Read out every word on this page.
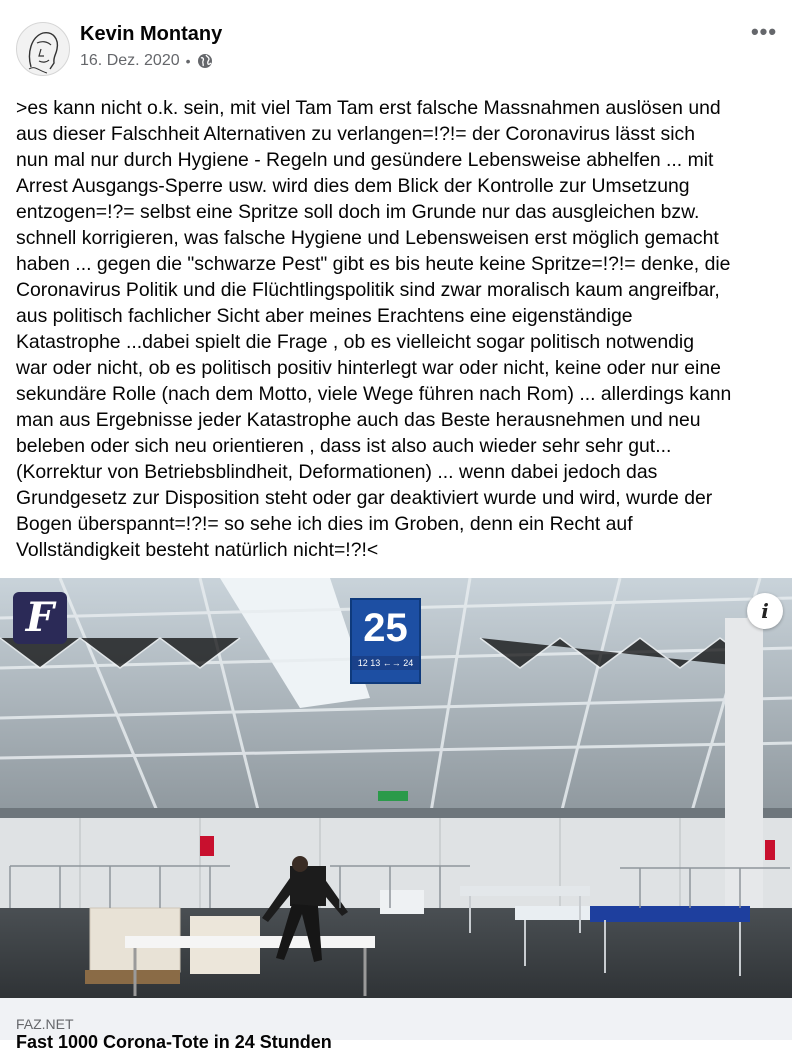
Kevin Montany
16. Dez. 2020 •
•••

>es kann nicht o.k. sein, mit viel Tam Tam erst falsche Massnahmen auslösen und
aus dieser Falschheit Alternativen zu verlangen=!?!= der Coronavirus lässt sich
nun mal nur durch Hygiene - Regeln und gesündere Lebensweise abhelfen ... mit
Arrest Ausgangs-Sperre usw. wird dies dem Blick der Kontrolle zur Umsetzung
entzogen=!?= selbst eine Spritze soll doch im Grunde nur das ausgleichen bzw.
schnell korrigieren, was falsche Hygiene und Lebensweisen erst möglich gemacht
haben ... gegen die "schwarze Pest" gibt es bis heute keine Spritze=!?!= denke, die
Coronavirus Politik und die Flüchtlingspolitik sind zwar moralisch kaum angreifbar,
aus politisch fachlicher Sicht aber meines Erachtens eine eigenständige
Katastrophe ...dabei spielt die Frage , ob es vielleicht sogar politisch notwendig
war oder nicht, ob es politisch positiv hinterlegt war oder nicht, keine oder nur eine
sekundäre Rolle (nach dem Motto, viele Wege führen nach Rom) ... allerdings kann
man aus Ergebnisse jeder Katastrophe auch das Beste herausnehmen und neu
beleben oder sich neu orientieren , dass ist also auch wieder sehr sehr gut...
(Korrektur von Betriebsblindheit, Deformationen) ... wenn dabei jedoch das
Grundgesetz zur Disposition steht oder gar deaktiviert wurde und wird, wurde der
Bogen überspannt=!?!= so sehe ich dies im Groben, denn ein Recht auf
Vollständigkeit besteht natürlich nicht=!?!<

F	25
12 13 ←→ 24
i
FAZ.NET
Fast 1000 Corona-Tote in 24 Stunden
